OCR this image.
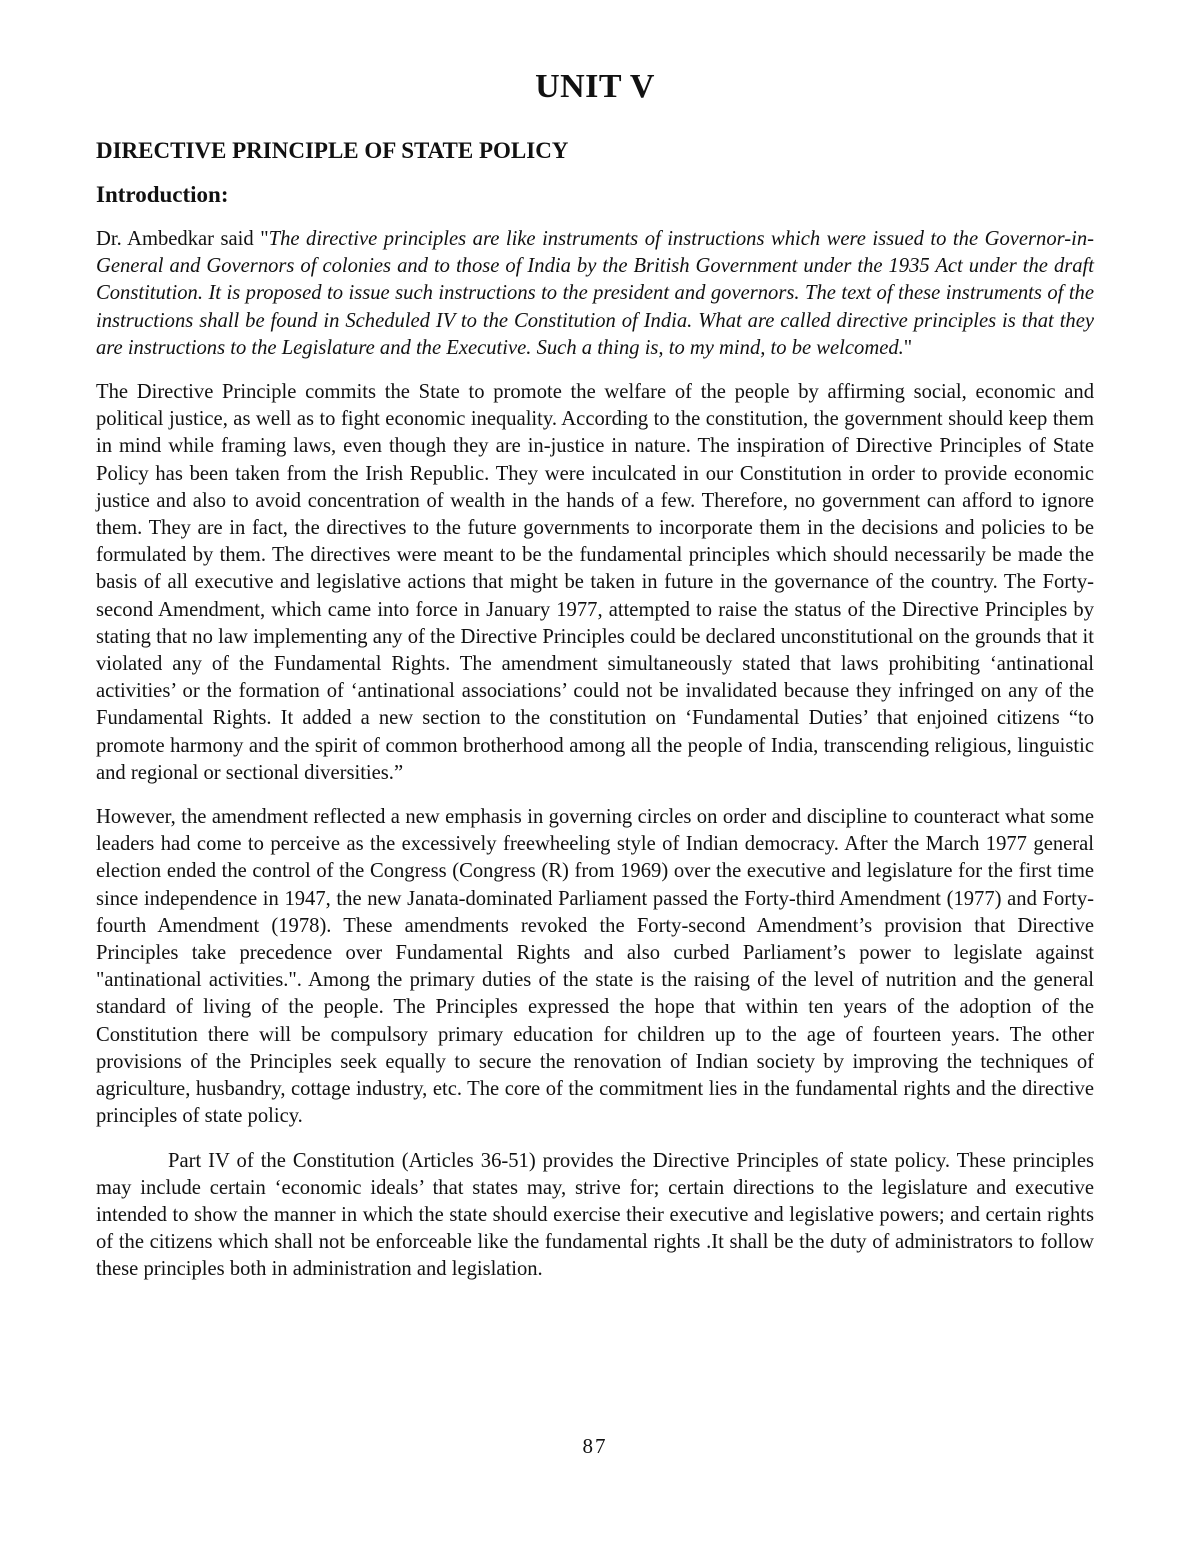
UNIT V
DIRECTIVE PRINCIPLE OF STATE POLICY
Introduction:

Dr. Ambedkar said "The directive principles are like instruments of instructions which were issued to the Governor-in-General and Governors of colonies and to those of India by the British Government under the 1935 Act under the draft Constitution. It is proposed to issue such instructions to the president and governors. The text of these instruments of the instructions shall be found in Scheduled IV to the Constitution of India. What are called directive principles is that they are instructions to the Legislature and the Executive. Such a thing is, to my mind, to be welcomed."

The Directive Principle commits the State to promote the welfare of the people by affirming social, economic and political justice, as well as to fight economic inequality. According to the constitution, the government should keep them in mind while framing laws, even though they are in-justice in nature. The inspiration of Directive Principles of State Policy has been taken from the Irish Republic. They were inculcated in our Constitution in order to provide economic justice and also to avoid concentration of wealth in the hands of a few. Therefore, no government can afford to ignore them. They are in fact, the directives to the future governments to incorporate them in the decisions and policies to be formulated by them. The directives were meant to be the fundamental principles which should necessarily be made the basis of all executive and legislative actions that might be taken in future in the governance of the country. The Forty-second Amendment, which came into force in January 1977, attempted to raise the status of the Directive Principles by stating that no law implementing any of the Directive Principles could be declared unconstitutional on the grounds that it violated any of the Fundamental Rights. The amendment simultaneously stated that laws prohibiting ‘antinational activities’ or the formation of ‘antinational associations’ could not be invalidated because they infringed on any of the Fundamental Rights. It added a new section to the constitution on ‘Fundamental Duties’ that enjoined citizens “to promote harmony and the spirit of common brotherhood among all the people of India, transcending religious, linguistic and regional or sectional diversities.”

However, the amendment reflected a new emphasis in governing circles on order and discipline to counteract what some leaders had come to perceive as the excessively freewheeling style of Indian democracy. After the March 1977 general election ended the control of the Congress (Congress (R) from 1969) over the executive and legislature for the first time since independence in 1947, the new Janata-dominated Parliament passed the Forty-third Amendment (1977) and Forty-fourth Amendment (1978). These amendments revoked the Forty-second Amendment’s provision that Directive Principles take precedence over Fundamental Rights and also curbed Parliament’s power to legislate against "antinational activities.". Among the primary duties of the state is the raising of the level of nutrition and the general standard of living of the people. The Principles expressed the hope that within ten years of the adoption of the Constitution there will be compulsory primary education for children up to the age of fourteen years. The other provisions of the Principles seek equally to secure the renovation of Indian society by improving the techniques of agriculture, husbandry, cottage industry, etc. The core of the commitment lies in the fundamental rights and the directive principles of state policy.

Part IV of the Constitution (Articles 36-51) provides the Directive Principles of state policy. These principles may include certain ‘economic ideals’ that states may, strive for; certain directions to the legislature and executive intended to show the manner in which the state should exercise their executive and legislative powers; and certain rights of the citizens which shall not be enforceable like the fundamental rights .It shall be the duty of administrators to follow these principles both in administration and legislation.

87
